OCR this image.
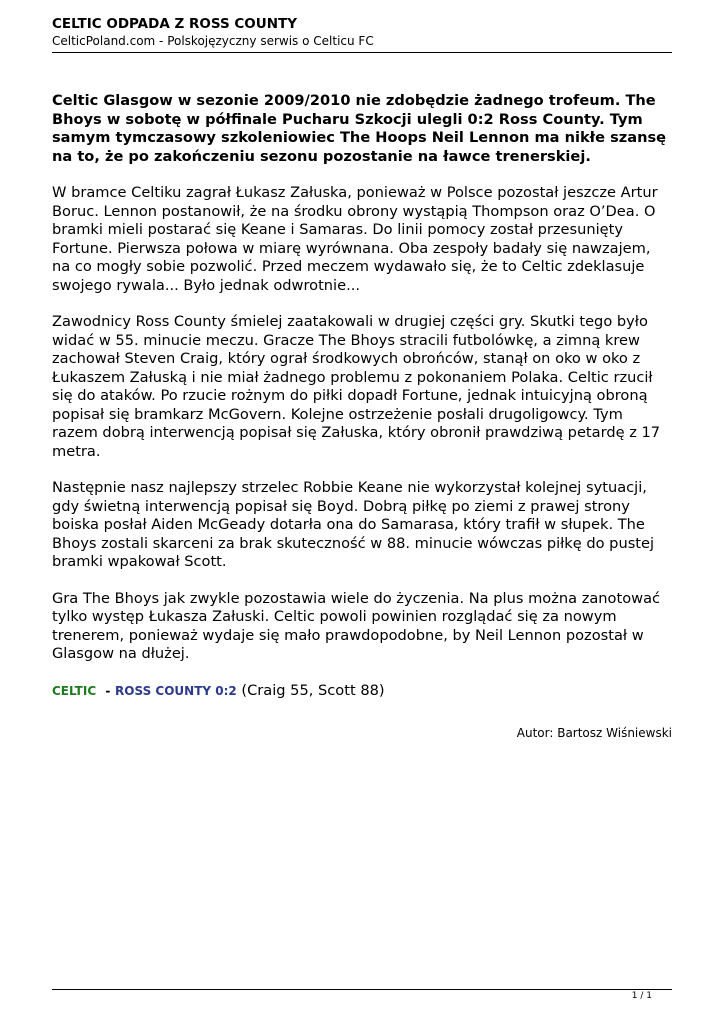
CELTIC ODPADA Z ROSS COUNTY

CelticPoland.com - Polskojęzyczny serwis o Celticu FC

Celtic Glasgow w sezonie 2009/2010 nie zdobędzie żadnego trofeum. The Bhoys w sobotę w półfinale Pucharu Szkocji ulegli 0:2 Ross County. Tym samym tymczasowy szkoleniowiec The Hoops Neil Lennon ma nikłe szansę na to, że po zakończeniu sezonu pozostanie na ławce trenerskiej.

W bramce Celtiku zagrał Łukasz Załuska, ponieważ w Polsce pozostał jeszcze Artur Boruc. Lennon postanowił, że na środku obrony wystąpią Thompson oraz O’Dea. O bramki mieli postarać się Keane i Samaras. Do linii pomocy został przesunięty Fortune. Pierwsza połowa w miarę wyrównana. Oba zespoły badały się nawzajem, na co mogły sobie pozwolić. Przed meczem wydawało się, że to Celtic zdeklasuje swojego rywala... Było jednak odwrotnie...

Zawodnicy Ross County śmielej zaatakowali w drugiej części gry. Skutki tego było widać w 55. minucie meczu. Gracze The Bhoys stracili futbolówkę, a zimną krew zachował Steven Craig, który ograł środkowych obrońców, stanął on oko w oko z Łukaszem Załuską i nie miał żadnego problemu z pokonaniem Polaka. Celtic rzucił się do ataków. Po rzucie rożnym do piłki dopadł Fortune, jednak intuicyjną obroną popisał się bramkarz McGovern. Kolejne ostrzeżenie posłali drugoligowcy. Tym razem dobrą interwencją popisał się Załuska, który obronił prawdziwą petardę z 17 metra.

Następnie nasz najlepszy strzelec Robbie Keane nie wykorzystał kolejnej sytuacji, gdy świetną interwencją popisał się Boyd. Dobrą piłkę po ziemi z prawej strony boiska posłał Aiden McGeady dotarła ona do Samarasa, który trafił w słupek. The Bhoys zostali skarceni za brak skuteczność w 88. minucie wówczas piłkę do pustej bramki wpakował Scott.

Gra The Bhoys jak zwykle pozostawia wiele do życzenia. Na plus można zanotować tylko występ Łukasza Załuski. Celtic powoli powinien rozglądać się za nowym trenerem, ponieważ wydaje się mało prawdopodobne, by Neil Lennon pozostał w Glasgow na dłużej.

CELTIC - ROSS COUNTY 0:2 (Craig 55, Scott 88)

Autor: Bartosz Wiśniewski

1 / 1
